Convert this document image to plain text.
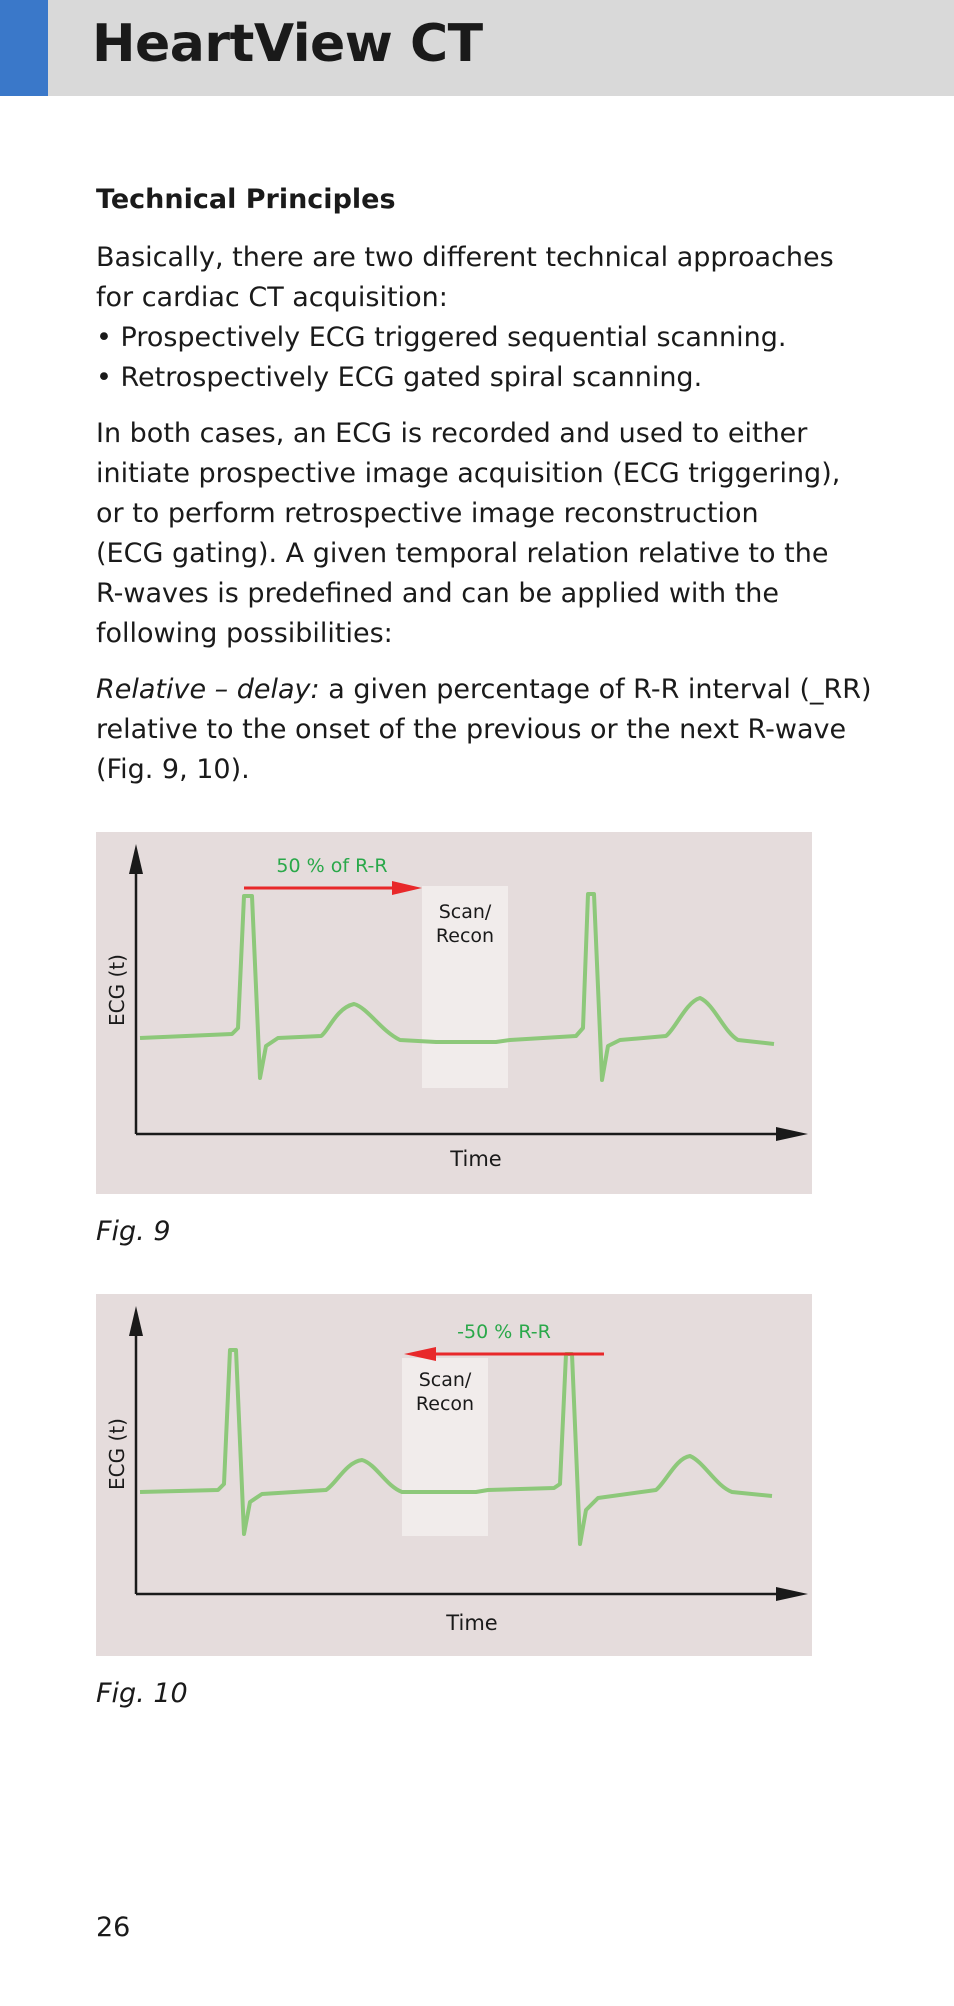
HeartView CT
Technical Principles
Basically, there are two different technical approaches
for cardiac CT acquisition:
• Prospectively ECG triggered sequential scanning.
• Retrospectively ECG gated spiral scanning.
In both cases, an ECG is recorded and used to either
initiate prospective image acquisition (ECG triggering),
or to perform retrospective image reconstruction
(ECG gating). A given temporal relation relative to the
R-waves is predefined and can be applied with the
following possibilities:
Relative – delay: a given percentage of R-R interval (_RR)
relative to the onset of the previous or the next R-wave
(Fig. 9, 10).
50 % of R-R
Scan/
Recon
Time
ECG (t)
Fig. 9
-50 % R-R
Scan/
Recon
Time
ECG (t)
Fig. 10
26
